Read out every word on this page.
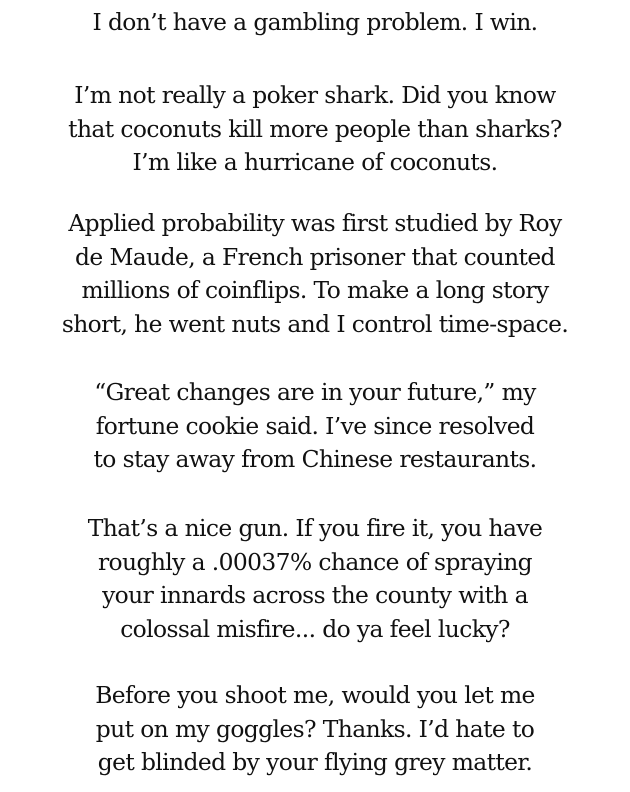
I don’t have a gambling problem. I win.
I’m not really a poker shark. Did you know
that coconuts kill more people than sharks?
I’m like a hurricane of coconuts.
Applied probability was first studied by Roy
de Maude, a French prisoner that counted
millions of coinflips. To make a long story
short, he went nuts and I control time-space.
“Great changes are in your future,” my
fortune cookie said. I’ve since resolved
to stay away from Chinese restaurants.
That’s a nice gun. If you fire it, you have
roughly a .00037% chance of spraying
your innards across the county with a
colossal misfire... do ya feel lucky?
Before you shoot me, would you let me
put on my goggles? Thanks. I’d hate to
get blinded by your flying grey matter.
